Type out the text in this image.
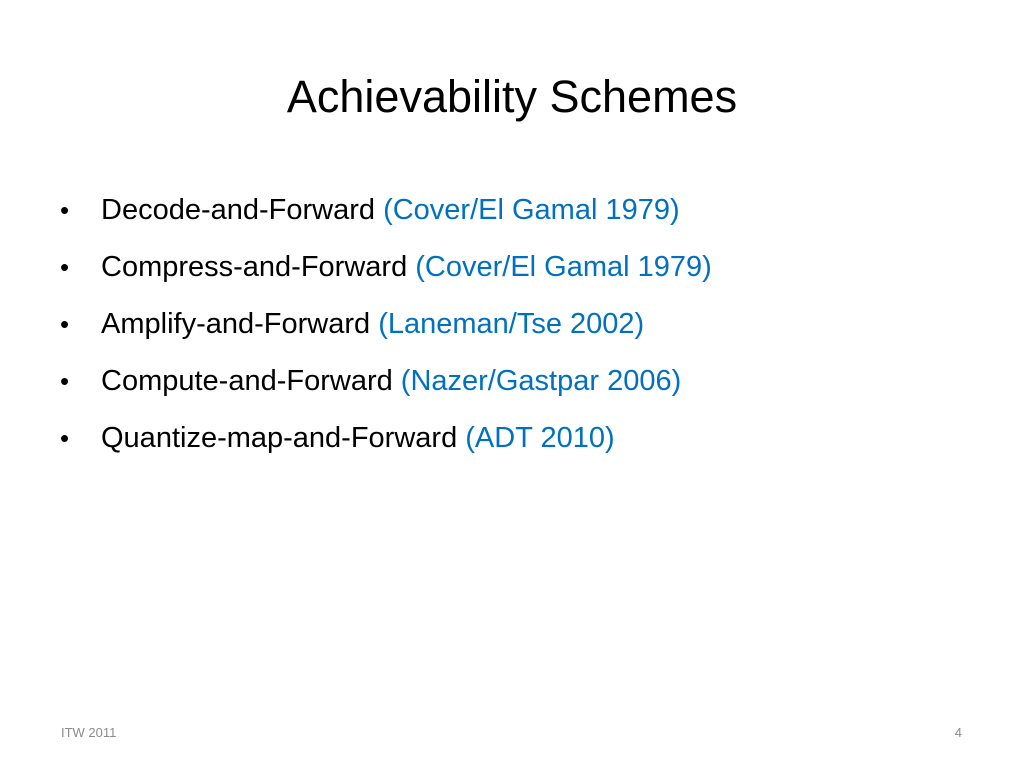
Achievability Schemes
•	Decode-and-Forward (Cover/El Gamal 1979)
•	Compress-and-Forward (Cover/El Gamal 1979)
•	Amplify-and-Forward (Laneman/Tse 2002)
•	Compute-and-Forward (Nazer/Gastpar 2006)
•	Quantize-map-and-Forward (ADT 2010)
ITW 2011	4
